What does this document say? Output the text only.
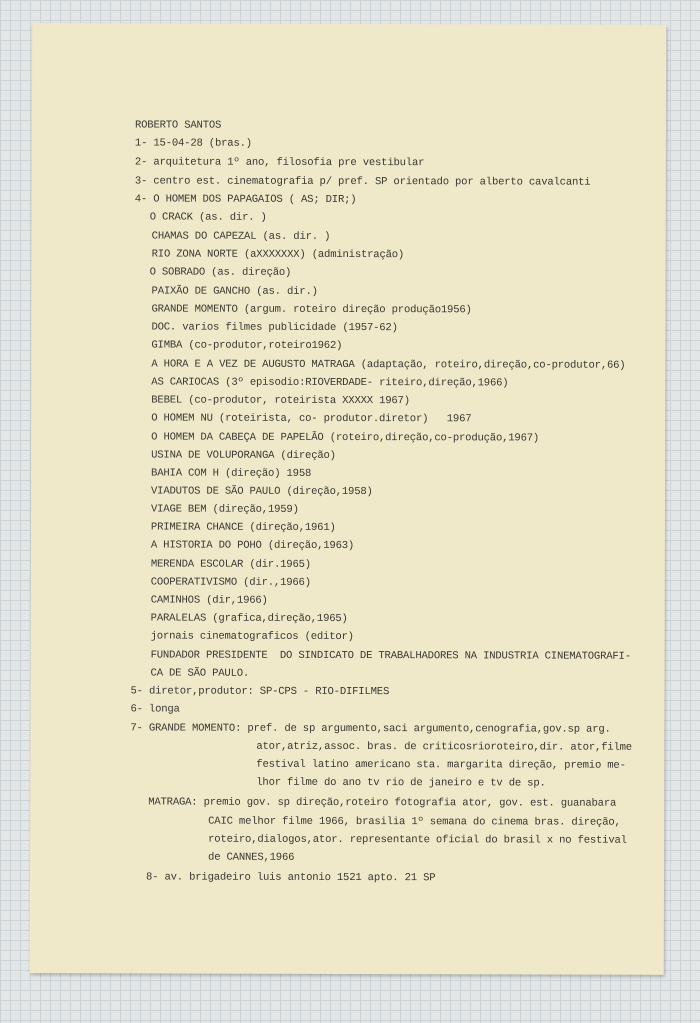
ROBERTO SANTOS
1- 15-04-28 (bras.)
2- arquitetura 1º ano, filosofia pre vestibular
3- centro est. cinematografia p/ pref. SP orientado por alberto cavalcanti
4- O HOMEM DOS PAPAGAIOS ( AS; DIR;)
O CRACK (as. dir. )
CHAMAS DO CAPEZAL (as. dir. )
RIO ZONA NORTE (aXXXXXXX) (administração)
O SOBRADO (as. direção)
PAIXÃO DE GANCHO (as. dir.)
GRANDE MOMENTO (argum. roteiro direção produção1956)
DOC. varios filmes publicidade (1957-62)
GIMBA (co-produtor,roteiro1962)
A HORA E A VEZ DE AUGUSTO MATRAGA (adaptação, roteiro,direção,co-produtor,66)
AS CARIOCAS (3º episodio:RIOVERDADE- riteiro,direção,1966)
BEBEL (co-produtor, roteirista XXXXX 1967)
O HOMEM NU (roteirista, co- produtor.diretor)   1967
O HOMEM DA CABEÇA DE PAPELÃO (roteiro,direção,co-produção,1967)
USINA DE VOLUPORANGA (direção)
BAHIA COM H (direção) 1958
VIADUTOS DE SÃO PAULO (direção,1958)
VIAGE BEM (direção,1959)
PRIMEIRA CHANCE (direção,1961)
A HISTORIA DO POHO (direção,1963)
MERENDA ESCOLAR (dir.1965)
COOPERATIVISMO (dir.,1966)
CAMINHOS (dir,1966)
PARALELAS (grafica,direção,1965)
jornais cinematograficos (editor)
FUNDADOR PRESIDENTE  DO SINDICATO DE TRABALHADORES NA INDUSTRIA CINEMATOGRAFI-
CA DE SÃO PAULO.
5- diretor,produtor: SP-CPS - RIO-DIFILMES
6- longa
7- GRANDE MOMENTO: pref. de sp argumento,saci argumento,cenografia,gov.sp arg.
ator,atriz,assoc. bras. de criticosrioroteiro,dir. ator,filme
festival latino americano sta. margarita direção, premio me-
lhor filme do ano tv rio de janeiro e tv de sp.
MATRAGA: premio gov. sp direção,roteiro fotografia ator, gov. est. guanabara
CAIC melhor filme 1966, brasilia 1º semana do cinema bras. direção,
roteiro,dialogos,ator. representante oficial do brasil x no festival
de CANNES,1966
8- av. brigadeiro luis antonio 1521 apto. 21 SP
